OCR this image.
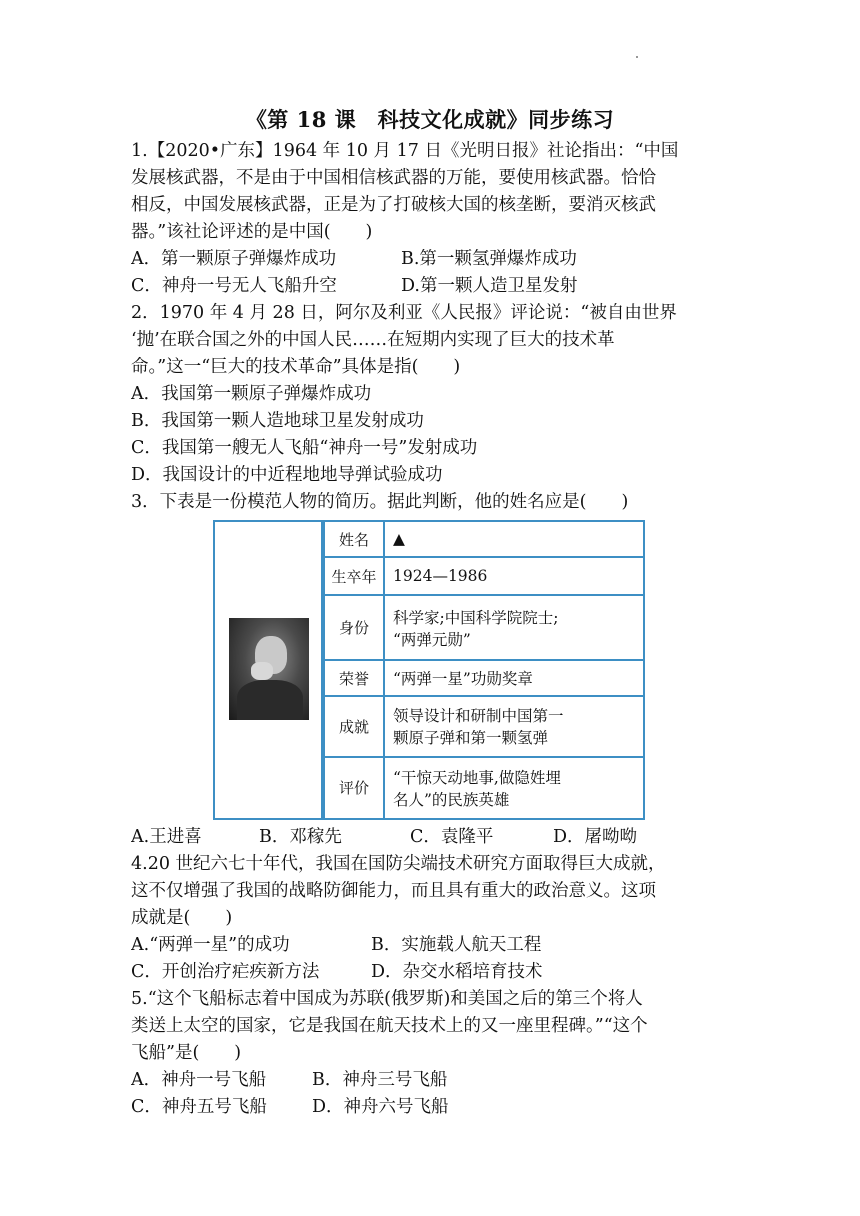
《第 18 课　科技文化成就》同步练习
1.【2020•广东】1964 年 10 月 17 日《光明日报》社论指出：“中国
发展核武器，不是由于中国相信核武器的万能，要使用核武器。恰恰
相反，中国发展核武器，正是为了打破核大国的核垄断，要消灭核武
器。”该社论评述的是中国(　　)
A．第一颗原子弹爆炸成功	B.第一颗氢弹爆炸成功
C．神舟一号无人飞船升空	D.第一颗人造卫星发射
2．1970 年 4 月 28 日，阿尔及利亚《人民报》评论说：“被自由世界
‘抛’在联合国之外的中国人民……在短期内实现了巨大的技术革
命。”这一“巨大的技术革命”具体是指(　　)
A．我国第一颗原子弹爆炸成功
B．我国第一颗人造地球卫星发射成功
C．我国第一艘无人飞船“神舟一号”发射成功
D．我国设计的中近程地地导弹试验成功
3．下表是一份模范人物的简历。据此判断，他的姓名应是(　　)
姓名	▲
生卒年	1924—1986
身份	科学家;中国科学院院士;
“两弹元勋”

荣誉	“两弹一星”功勋奖章
成就	领导设计和研制中国第一
颗原子弹和第一颗氢弹

评价	“干惊天动地事,做隐姓埋
名人”的民族英雄
A.王进喜	B．邓稼先	C．袁隆平	D．屠呦呦
4.20 世纪六七十年代，我国在国防尖端技术研究方面取得巨大成就，
这不仅增强了我国的战略防御能力，而且具有重大的政治意义。这项
成就是(　　)
A.“两弹一星”的成功	B．实施载人航天工程
C．开创治疗疟疾新方法	D．杂交水稻培育技术
5.“这个飞船标志着中国成为苏联(俄罗斯)和美国之后的第三个将人
类送上太空的国家，它是我国在航天技术上的又一座里程碑。”“这个
飞船”是(　　)
A．神舟一号飞船	B．神舟三号飞船
C．神舟五号飞船	D．神舟六号飞船
